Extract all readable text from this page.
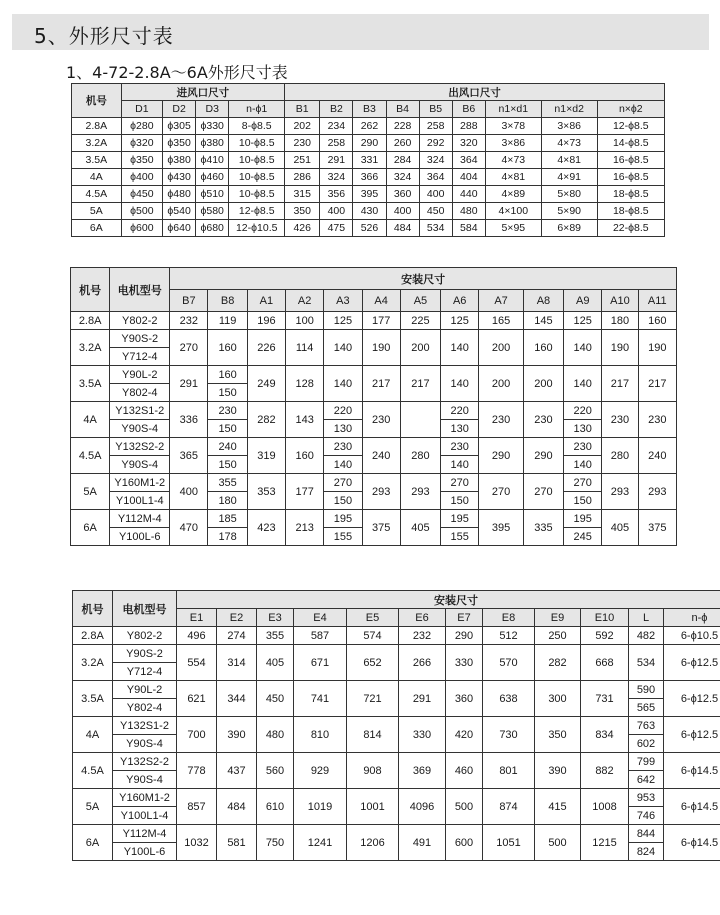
5、外形尺寸表
1、4-72-2.8A～6A外形尺寸表
机号	进风口尺寸				出风口尺寸								
	D1	D2	D3	n-ϕ1	B1	B2	B3	B4	B5	B6	n1×d1	n1×d2	n×ϕ2
2.8A	ϕ280	ϕ305	ϕ330	8-ϕ8.5	202	234	262	228	258	288	3×78	3×86	12-ϕ8.5
3.2A	ϕ320	ϕ350	ϕ380	10-ϕ8.5	230	258	290	260	292	320	3×86	4×73	14-ϕ8.5
3.5A	ϕ350	ϕ380	ϕ410	10-ϕ8.5	251	291	331	284	324	364	4×73	4×81	16-ϕ8.5
4A	ϕ400	ϕ430	ϕ460	10-ϕ8.5	286	324	366	324	364	404	4×81	4×91	16-ϕ8.5
4.5A	ϕ450	ϕ480	ϕ510	10-ϕ8.5	315	356	395	360	400	440	4×89	5×80	18-ϕ8.5
5A	ϕ500	ϕ540	ϕ580	12-ϕ8.5	350	400	430	400	450	480	4×100	5×90	18-ϕ8.5
6A	ϕ600	ϕ640	ϕ680	12-ϕ10.5	426	475	526	484	534	584	5×95	6×89	22-ϕ8.5
机号	电机型号	安装尺寸												
		B7	B8	A1	A2	A3	A4	A5	A6	A7	A8	A9	A10	A11
2.8A	Y802-2	232	119	196	100	125	177	225	125	165	145	125	180	160
3.2A	Y90S-2	270	160	226	114	140	190	200	140	200	160	140	190	190
	Y712-4													
3.5A	Y90L-2	291	160	249	128	140	217	217	140	200	200	140	217	217
	Y802-4		150											
4A	Y132S1-2	336	230	282	143	220	230		220	230	230	220	230	230
	Y90S-4		150			130			130			130		
4.5A	Y132S2-2	365	240	319	160	230	240	280	230	290	290	230	280	240
	Y90S-4		150			140			140			140		
5A	Y160M1-2	400	355	353	177	270	293	293	270	270	270	270	293	293
	Y100L1-4		180			150			150			150		
6A	Y112M-4	470	185	423	213	195	375	405	195	395	335	195	405	375
	Y100L-6		178			155			155			245		
机号	电机型号	安装尺寸											
		E1	E2	E3	E4	E5	E6	E7	E8	E9	E10	L	n-ϕ
2.8A	Y802-2	496	274	355	587	574	232	290	512	250	592	482	6-ϕ10.5
3.2A	Y90S-2	554	314	405	671	652	266	330	570	282	668	534	6-ϕ12.5
	Y712-4												
3.5A	Y90L-2	621	344	450	741	721	291	360	638	300	731	590	6-ϕ12.5
	Y802-4											565	
4A	Y132S1-2	700	390	480	810	814	330	420	730	350	834	763	6-ϕ12.5
	Y90S-4											602	
4.5A	Y132S2-2	778	437	560	929	908	369	460	801	390	882	799	6-ϕ14.5
	Y90S-4											642	
5A	Y160M1-2	857	484	610	1019	1001	4096	500	874	415	1008	953	6-ϕ14.5
	Y100L1-4											746	
6A	Y112M-4	1032	581	750	1241	1206	491	600	1051	500	1215	844	6-ϕ14.5
	Y100L-6											824	
